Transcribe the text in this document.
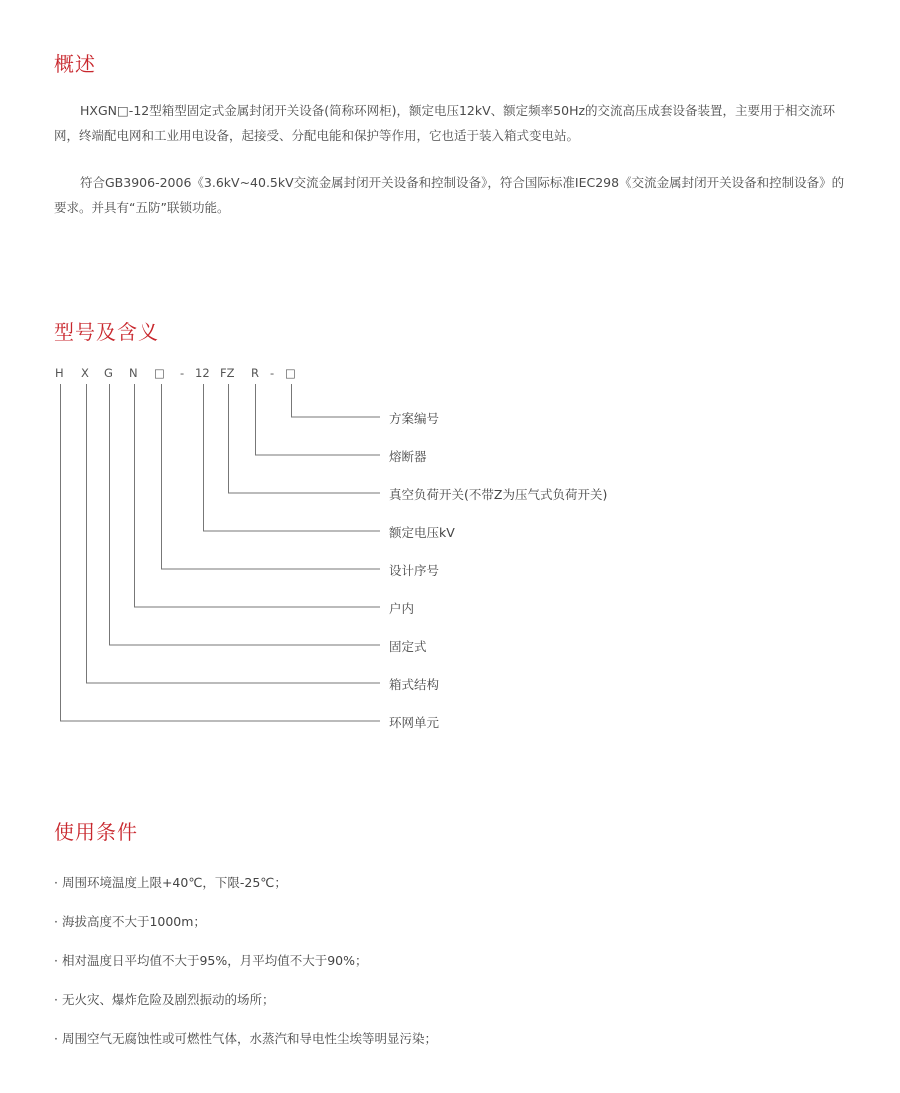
概述

HXGN□-12型箱型固定式金属封闭开关设备(简称环网柜)，额定电压12kV、额定频率50Hz的交流高压成套设备装置，主要用于相交流环网，终端配电网和工业用电设备，起接受、分配电能和保护等作用，它也适于装入箱式变电站。

符合GB3906-2006《3.6kV~40.5kV交流金属封闭开关设备和控制设备》，符合国际标准IEC298《交流金属封闭开关设备和控制设备》的要求。并具有“五防”联锁功能。

型号及含义
H X G N □ - 12 FZ R - □
方案编号
熔断器
真空负荷开关(不带Z为压气式负荷开关)
额定电压kV
设计序号
户内
固定式
箱式结构
环网单元
使用条件
· 周围环境温度上限+40℃，下限-25℃；
· 海拔高度不大于1000m；
· 相对温度日平均值不大于95%，月平均值不大于90%；
· 无火灾、爆炸危险及剧烈振动的场所；
· 周围空气无腐蚀性或可燃性气体，水蒸汽和导电性尘埃等明显污染；
